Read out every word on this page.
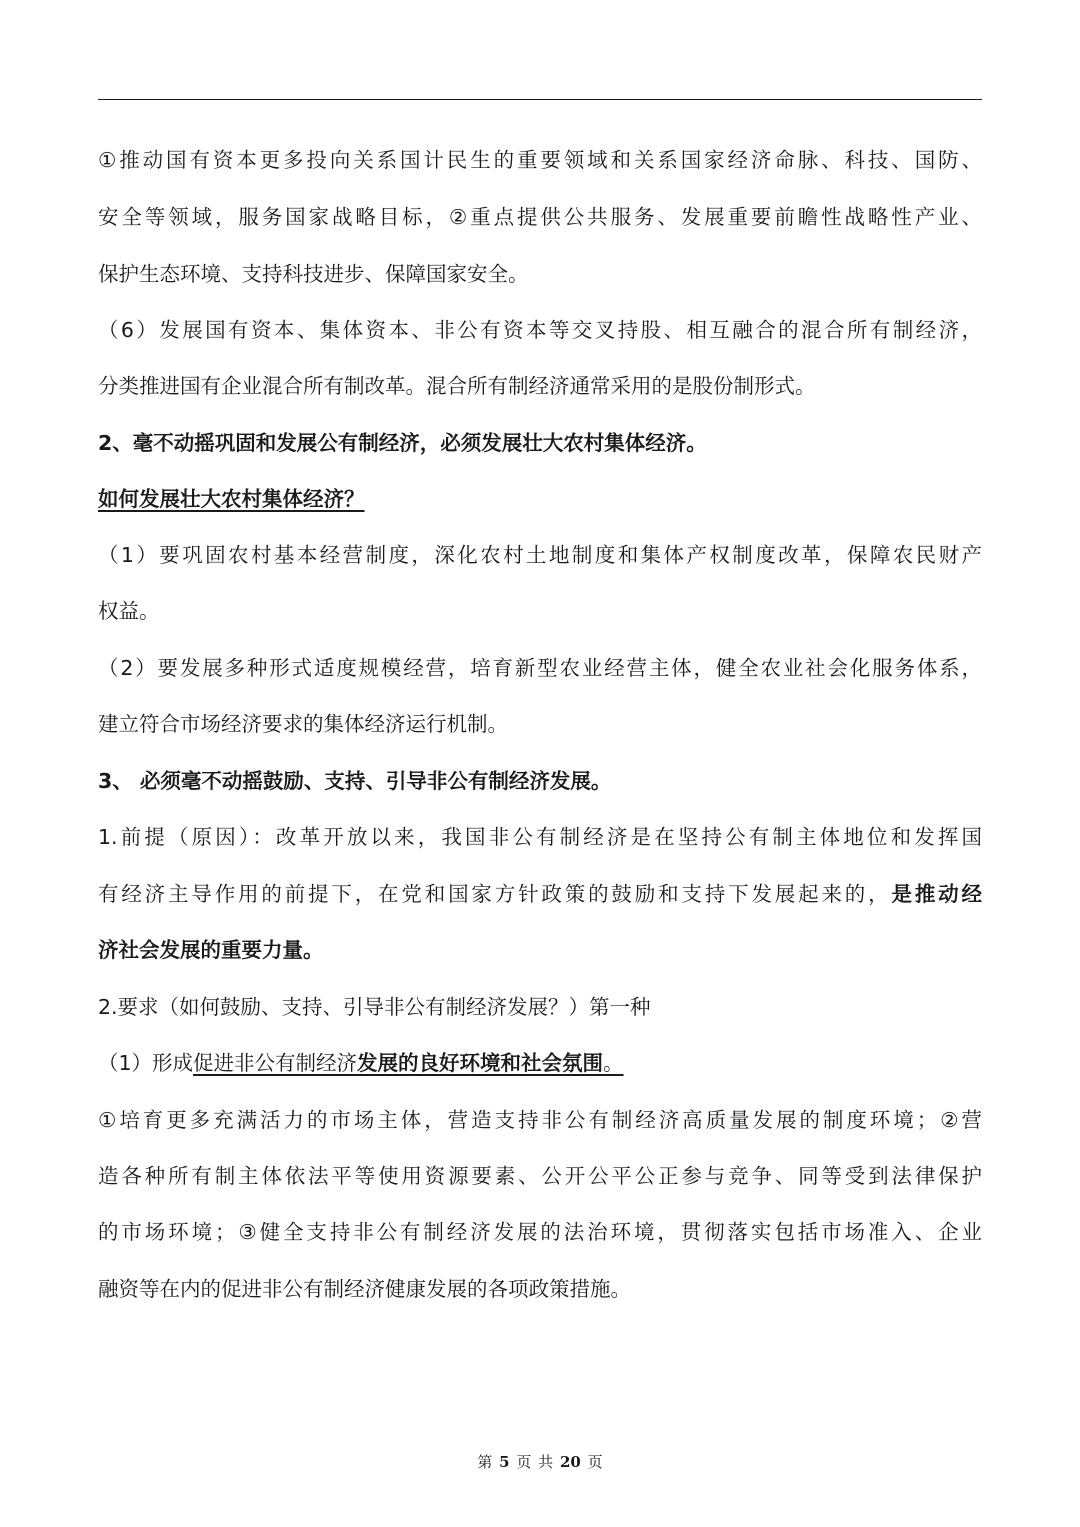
①推动国有资本更多投向关系国计民生的重要领域和关系国家经济命脉、科技、国防、
安全等领域，服务国家战略目标，②重点提供公共服务、发展重要前瞻性战略性产业、
保护生态环境、支持科技进步、保障国家安全。
（6）发展国有资本、集体资本、非公有资本等交叉持股、相互融合的混合所有制经济，
分类推进国有企业混合所有制改革。混合所有制经济通常采用的是股份制形式。
2、毫不动摇巩固和发展公有制经济，必须发展壮大农村集体经济。
如何发展壮大农村集体经济？
（1）要巩固农村基本经营制度，深化农村土地制度和集体产权制度改革，保障农民财产
权益。
（2）要发展多种形式适度规模经营，培育新型农业经营主体，健全农业社会化服务体系，
建立符合市场经济要求的集体经济运行机制。
3、 必须毫不动摇鼓励、支持、引导非公有制经济发展。
1.前提（原因）：改革开放以来，我国非公有制经济是在坚持公有制主体地位和发挥国
有经济主导作用的前提下，在党和国家方针政策的鼓励和支持下发展起来的，是推动经
济社会发展的重要力量。
2.要求（如何鼓励、支持、引导非公有制经济发展？）第一种
（1）形成促进非公有制经济发展的良好环境和社会氛围。
①培育更多充满活力的市场主体，营造支持非公有制经济高质量发展的制度环境；②营
造各种所有制主体依法平等使用资源要素、公开公平公正参与竞争、同等受到法律保护
的市场环境；③健全支持非公有制经济发展的法治环境，贯彻落实包括市场准入、企业
融资等在内的促进非公有制经济健康发展的各项政策措施。
第 5 页 共 20 页
